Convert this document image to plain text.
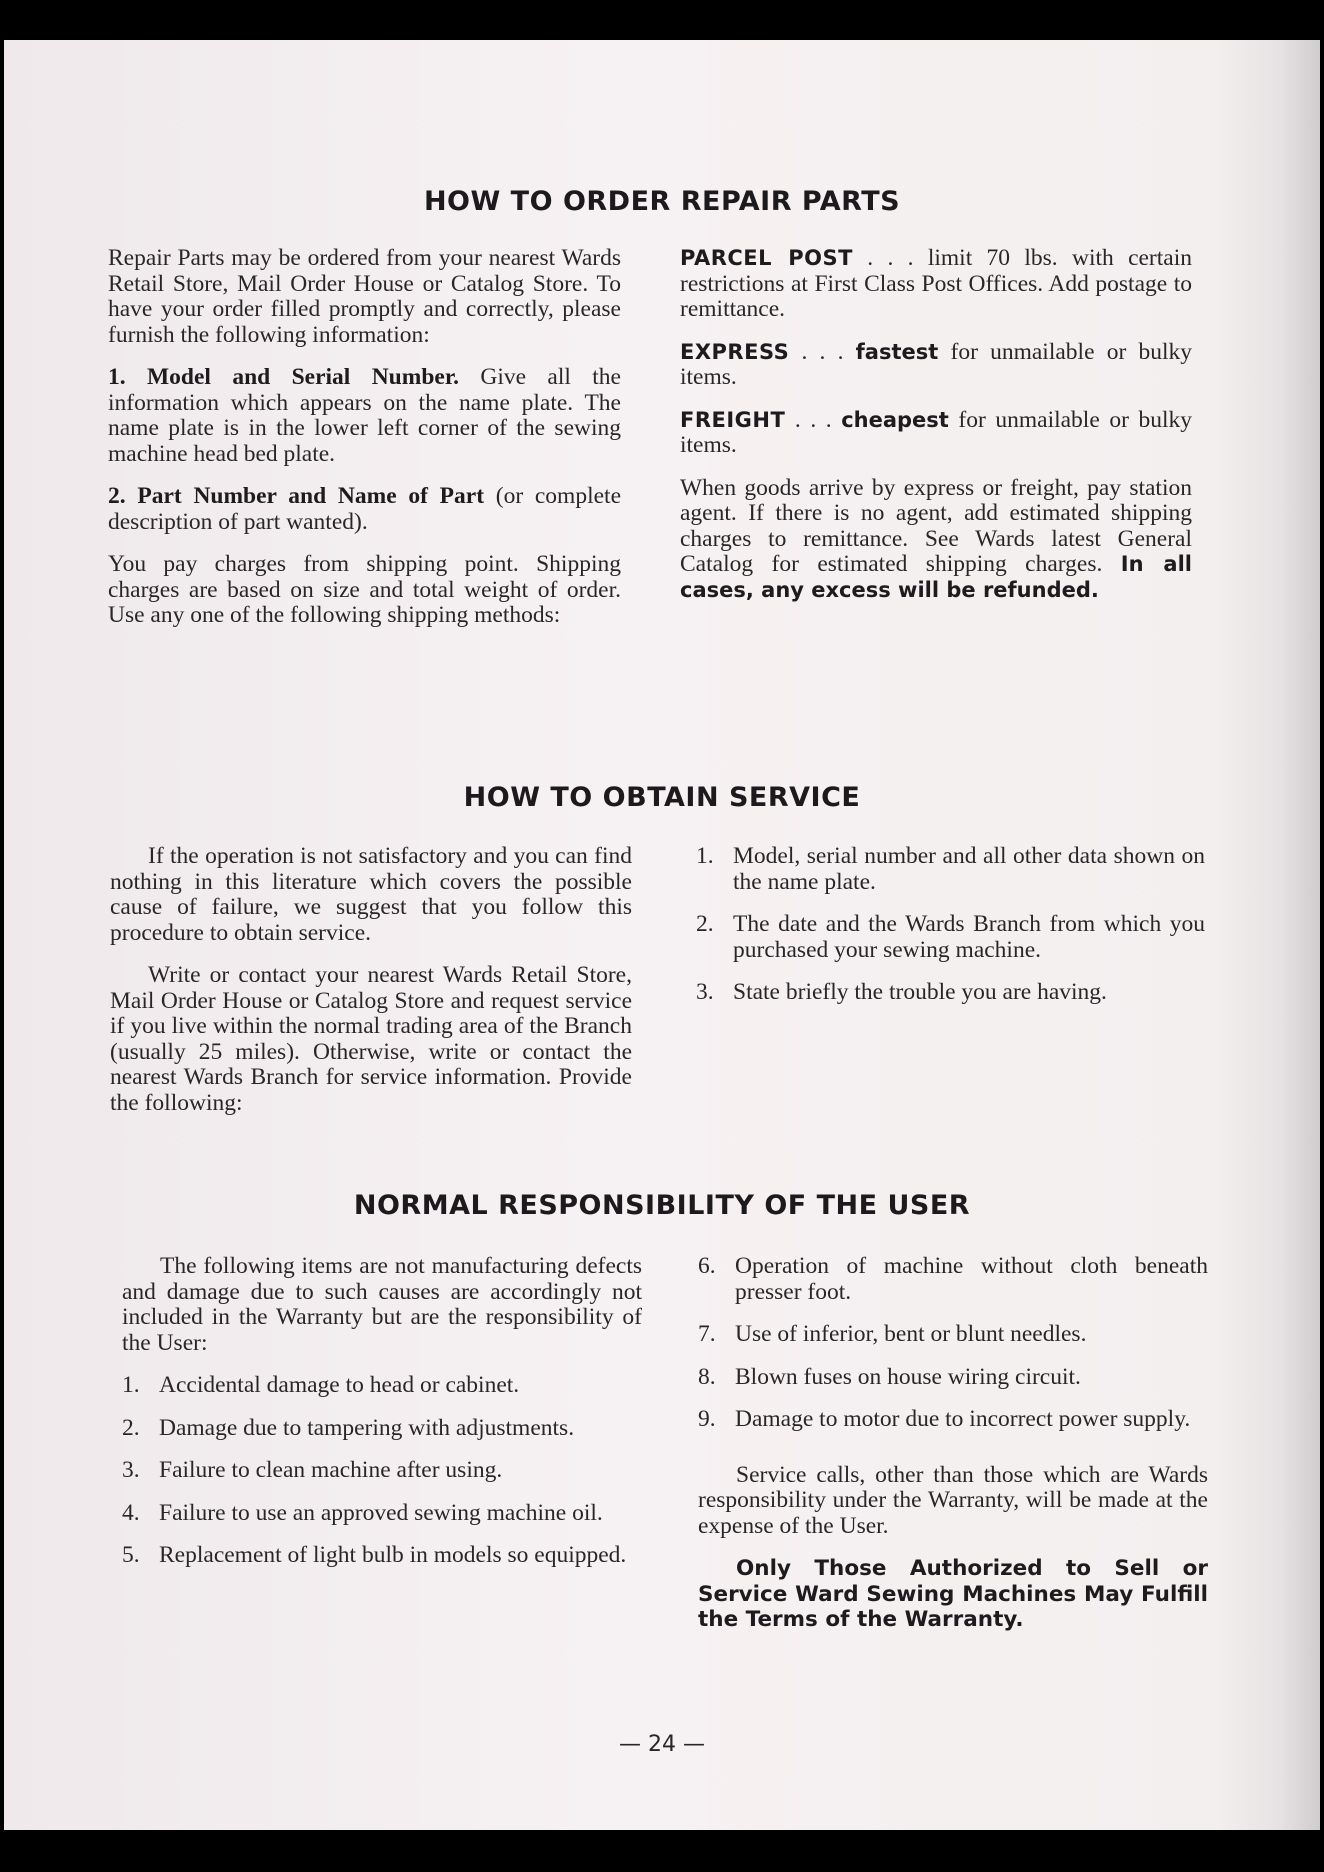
HOW TO ORDER REPAIR PARTS

Repair Parts may be ordered from your nearest Wards Retail Store, Mail Order House or Catalog Store. To have your order filled promptly and correctly, please furnish the following information:

1. Model and Serial Number. Give all the information which appears on the name plate. The name plate is in the lower left corner of the sewing machine head bed plate.

2. Part Number and Name of Part (or complete description of part wanted).

You pay charges from shipping point. Shipping charges are based on size and total weight of order. Use any one of the following shipping methods:

PARCEL POST . . . limit 70 lbs. with certain restrictions at First Class Post Offices. Add postage to remittance.

EXPRESS . . . fastest for unmailable or bulky items.

FREIGHT . . . cheapest for unmailable or bulky items.

When goods arrive by express or freight, pay station agent. If there is no agent, add estimated shipping charges to remittance. See Wards latest General Catalog for estimated shipping charges. In all cases, any excess will be refunded.

HOW TO OBTAIN SERVICE

If the operation is not satisfactory and you can find nothing in this literature which covers the possible cause of failure, we suggest that you follow this procedure to obtain service.

Write or contact your nearest Wards Retail Store, Mail Order House or Catalog Store and request service if you live within the normal trading area of the Branch (usually 25 miles). Otherwise, write or contact the nearest Wards Branch for service information. Provide the following:

1. Model, serial number and all other data shown on the name plate.
2. The date and the Wards Branch from which you purchased your sewing machine.
3. State briefly the trouble you are having.
NORMAL RESPONSIBILITY OF THE USER

The following items are not manufacturing defects and damage due to such causes are accordingly not included in the Warranty but are the responsibility of the User:

1. Accidental damage to head or cabinet.
2. Damage due to tampering with adjustments.
3. Failure to clean machine after using.
4. Failure to use an approved sewing machine oil.
5. Replacement of light bulb in models so equipped.
6. Operation of machine without cloth beneath presser foot.
7. Use of inferior, bent or blunt needles.
8. Blown fuses on house wiring circuit.
9. Damage to motor due to incorrect power supply.

Service calls, other than those which are Wards responsibility under the Warranty, will be made at the expense of the User.

Only Those Authorized to Sell or Service Ward Sewing Machines May Fulfill the Terms of the Warranty.

— 24 —
